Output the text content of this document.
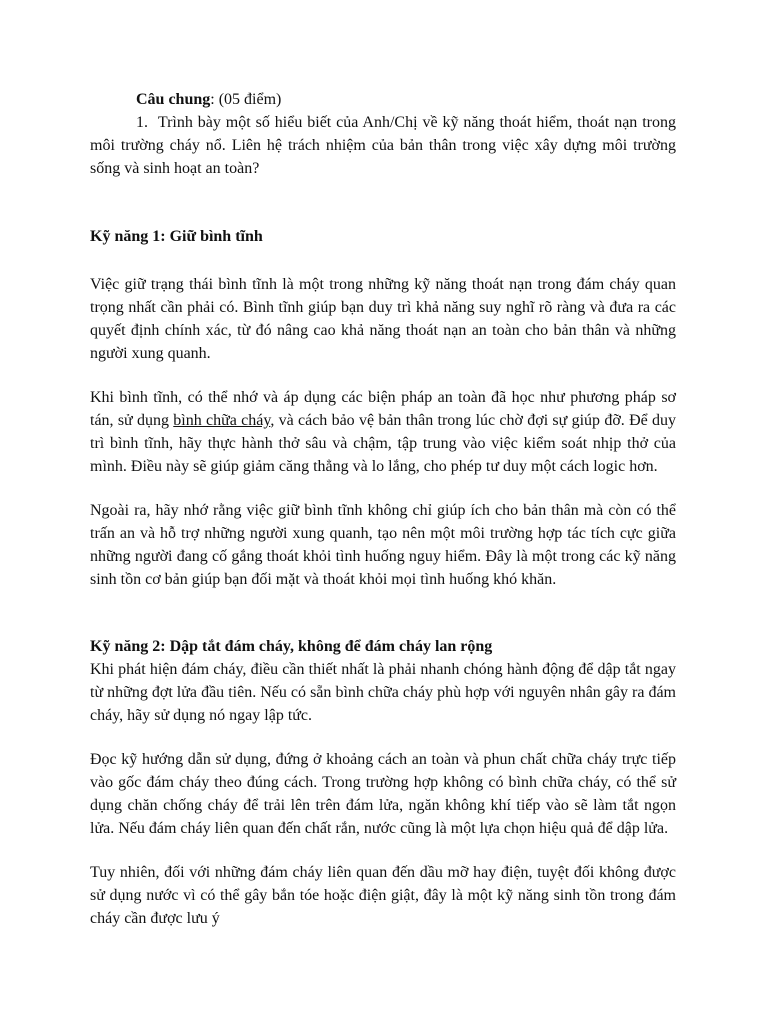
Câu chung: (05 điểm)

1. Trình bày một số hiểu biết của Anh/Chị về kỹ năng thoát hiểm, thoát nạn trong môi trường cháy nổ. Liên hệ trách nhiệm của bản thân trong việc xây dựng môi trường sống và sinh hoạt an toàn?

Kỹ năng 1: Giữ bình tĩnh

Việc giữ trạng thái bình tĩnh là một trong những kỹ năng thoát nạn trong đám cháy quan trọng nhất cần phải có. Bình tĩnh giúp bạn duy trì khả năng suy nghĩ rõ ràng và đưa ra các quyết định chính xác, từ đó nâng cao khả năng thoát nạn an toàn cho bản thân và những người xung quanh.

Khi bình tĩnh, có thể nhớ và áp dụng các biện pháp an toàn đã học như phương pháp sơ tán, sử dụng bình chữa cháy, và cách bảo vệ bản thân trong lúc chờ đợi sự giúp đỡ. Để duy trì bình tĩnh, hãy thực hành thở sâu và chậm, tập trung vào việc kiểm soát nhịp thở của mình. Điều này sẽ giúp giảm căng thẳng và lo lắng, cho phép tư duy một cách logic hơn.

Ngoài ra, hãy nhớ rằng việc giữ bình tĩnh không chỉ giúp ích cho bản thân mà còn có thể trấn an và hỗ trợ những người xung quanh, tạo nên một môi trường hợp tác tích cực giữa những người đang cố gắng thoát khỏi tình huống nguy hiểm. Đây là một trong các kỹ năng sinh tồn cơ bản giúp bạn đối mặt và thoát khỏi mọi tình huống khó khăn.

Kỹ năng 2: Dập tắt đám cháy, không để đám cháy lan rộng

Khi phát hiện đám cháy, điều cần thiết nhất là phải nhanh chóng hành động để dập tắt ngay từ những đợt lửa đầu tiên. Nếu có sẵn bình chữa cháy phù hợp với nguyên nhân gây ra đám cháy, hãy sử dụng nó ngay lập tức.

Đọc kỹ hướng dẫn sử dụng, đứng ở khoảng cách an toàn và phun chất chữa cháy trực tiếp vào gốc đám cháy theo đúng cách. Trong trường hợp không có bình chữa cháy, có thể sử dụng chăn chống cháy để trải lên trên đám lửa, ngăn không khí tiếp vào sẽ làm tắt ngọn lửa. Nếu đám cháy liên quan đến chất rắn, nước cũng là một lựa chọn hiệu quả để dập lửa.

Tuy nhiên, đối với những đám cháy liên quan đến dầu mỡ hay điện, tuyệt đối không được sử dụng nước vì có thể gây bắn tóe hoặc điện giật, đây là một kỹ năng sinh tồn trong đám cháy cần được lưu ý
